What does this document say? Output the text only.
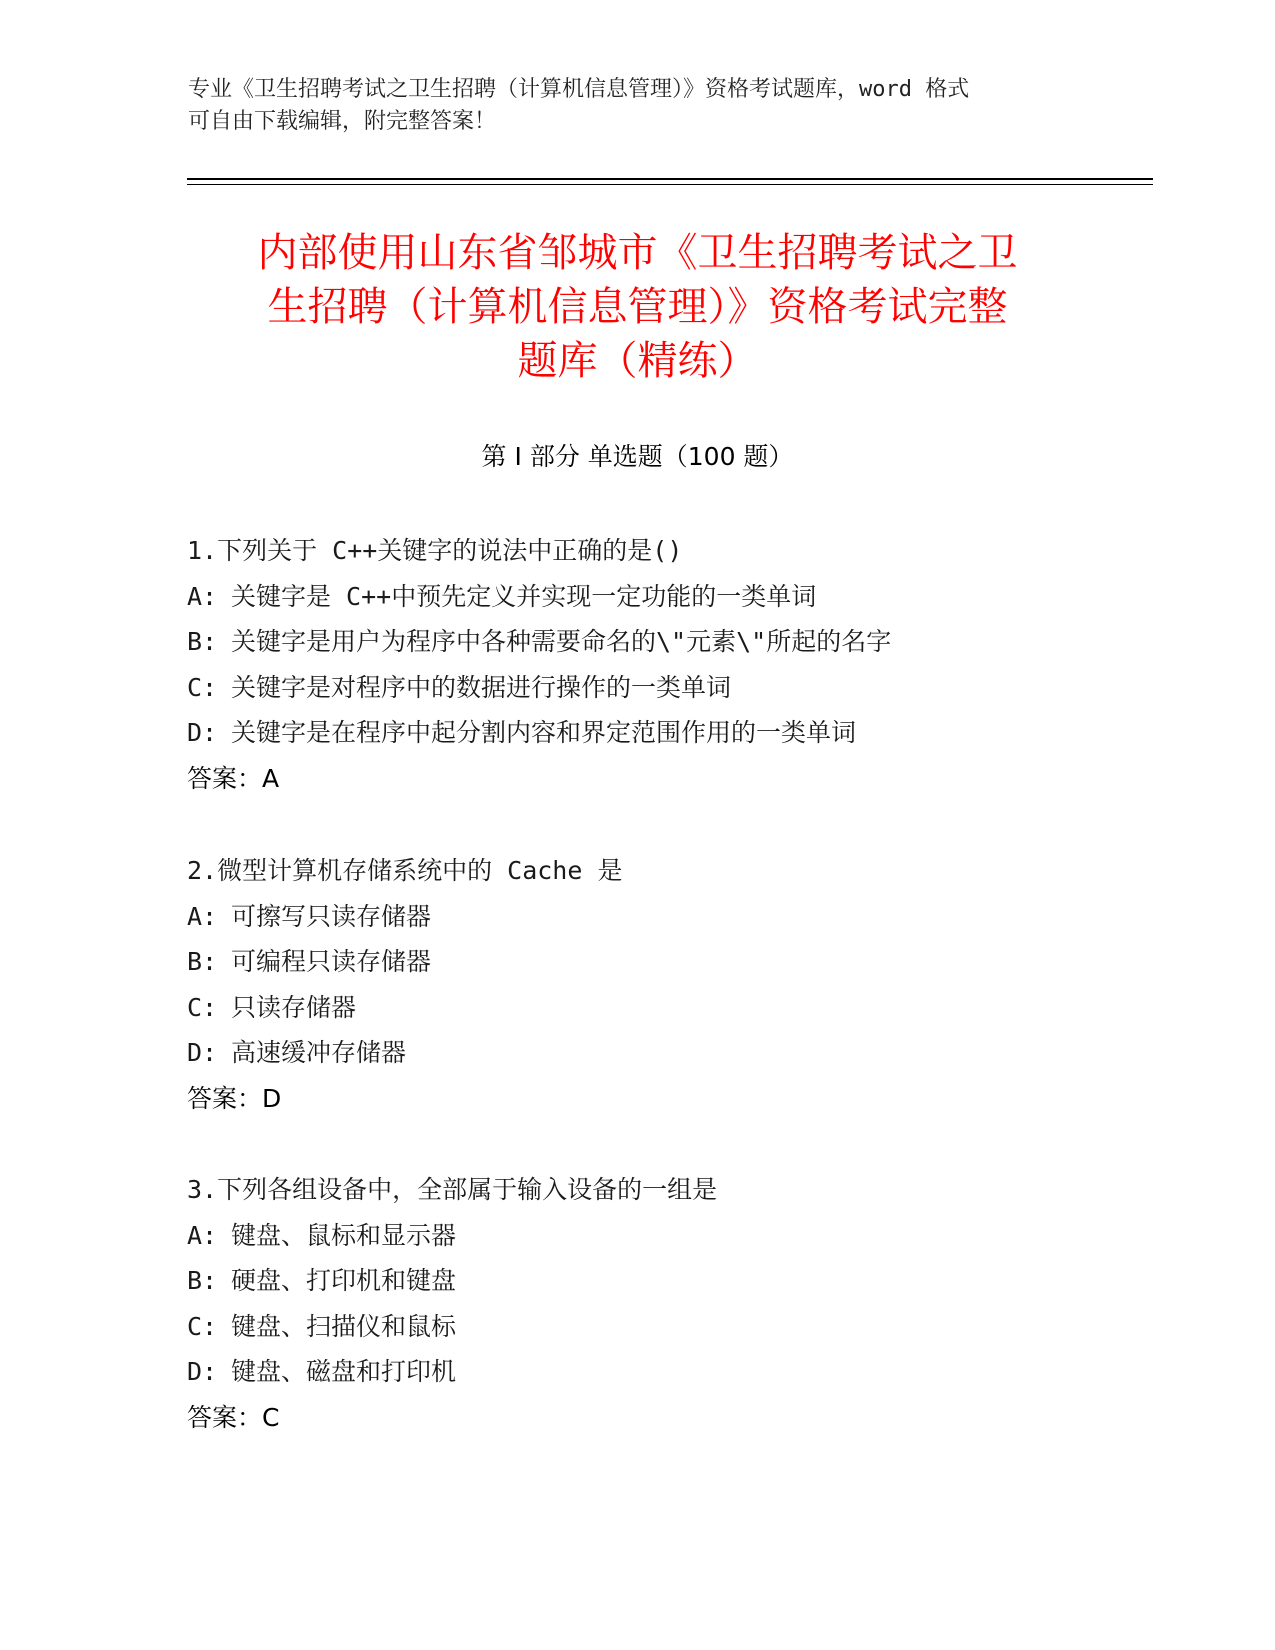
专业《卫生招聘考试之卫生招聘（计算机信息管理）》资格考试题库，word 格式
可自由下载编辑，附完整答案！
内部使用山东省邹城市《卫生招聘考试之卫
生招聘（计算机信息管理）》资格考试完整
题库（精练）
第 I 部分 单选题（100 题）
1.下列关于 C++关键字的说法中正确的是()
A: 关键字是 C++中预先定义并实现一定功能的一类单词
B: 关键字是用户为程序中各种需要命名的\"元素\"所起的名字
C: 关键字是对程序中的数据进行操作的一类单词
D: 关键字是在程序中起分割内容和界定范围作用的一类单词
答案：A
2.微型计算机存储系统中的 Cache 是
A: 可擦写只读存储器
B: 可编程只读存储器
C: 只读存储器
D: 高速缓冲存储器
答案：D
3.下列各组设备中，全部属于输入设备的一组是
A: 键盘、鼠标和显示器
B: 硬盘、打印机和键盘
C: 键盘、扫描仪和鼠标
D: 键盘、磁盘和打印机
答案：C
